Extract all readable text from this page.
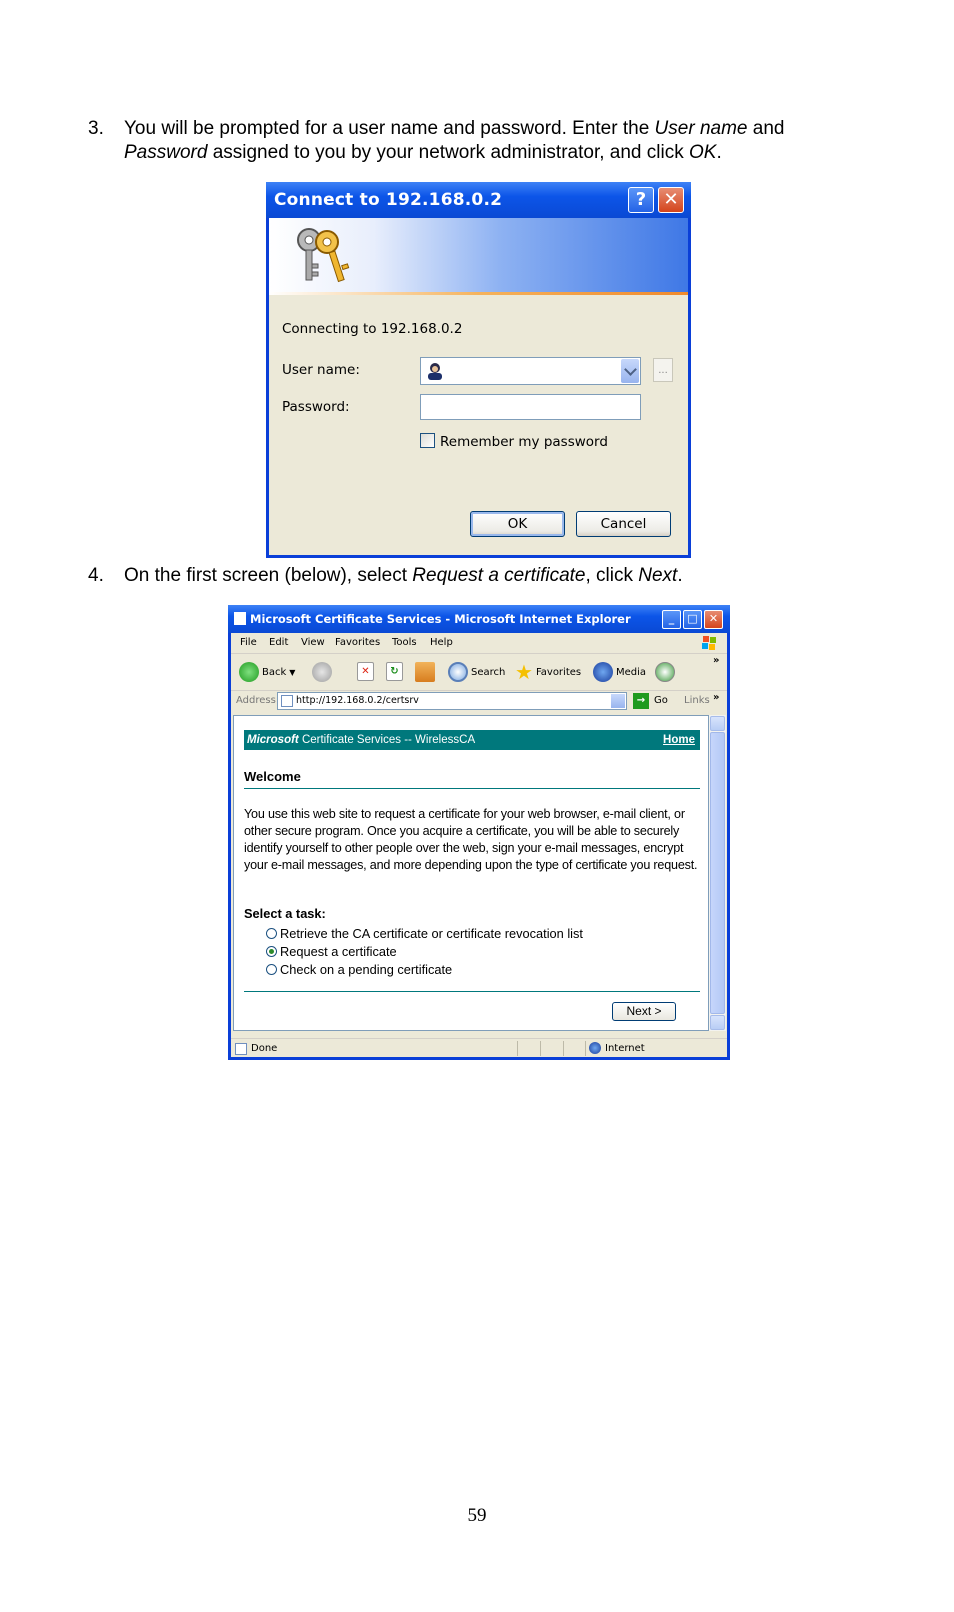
3. You will be prompted for a user name and password. Enter the User name and Password assigned to you by your network administrator, and click OK.
Connect to 192.168.0.2	? ✕
Connecting to 192.168.0.2
User name:	...
Password:
Remember my password
OK	Cancel
4. On the first screen (below), select Request a certificate, click Next.
Microsoft Certificate Services - Microsoft Internet Explorer	_	□	✕
File Edit View Favorites Tools Help
Back ▼	✕	↻	Search ★ Favorites	Media
»
Address	http://192.168.0.2/certsrv	→ Go Links »
Microsoft Certificate Services -- WirelessCA	Home
Welcome
You use this web site to request a certificate for your web browser, e-mail client, or other secure program. Once you acquire a certificate, you will be able to securely identify yourself to other people over the web, sign your e-mail messages, encrypt your e-mail messages, and more depending upon the type of certificate you request.
Select a task:
Retrieve the CA certificate or certificate revocation list
Request a certificate
Check on a pending certificate
Next >
Done	Internet
59
